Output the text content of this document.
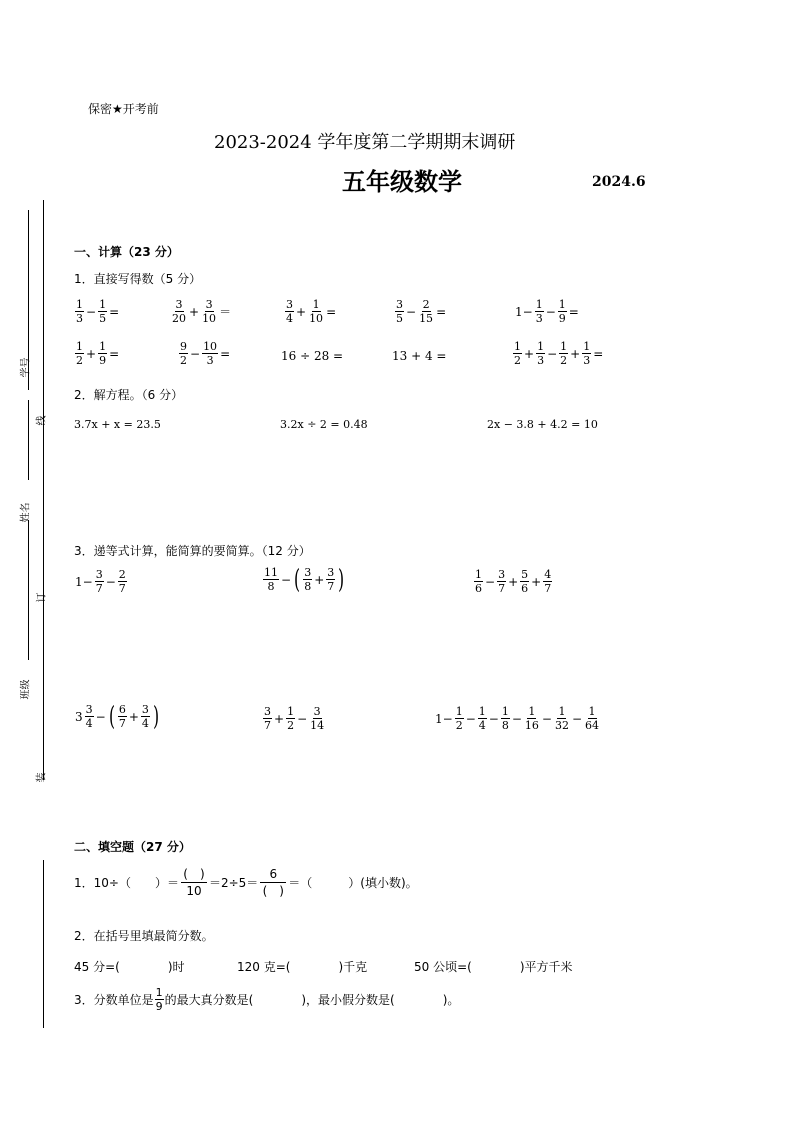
学号
线
姓名
订
班级
装
保密★开考前
2023-2024 学年度第二学期期末调研
五年级数学	2024.6
一、计算（23 分）
1．直接写得数（5 分）
$\frac{1}{3} - \frac{1}{5}$ =	$\frac{3}{20} + \frac{3}{10}$ ＝	$\frac{3}{4} + \frac{1}{10}$ =	$\frac{3}{5} - \frac{2}{15}$ =	$1- \frac{1}{3} - \frac{1}{9}$ =
$\frac{1}{2} + \frac{1}{9}$ =	$\frac{9}{2} - \frac{10}{3}$ =	16 ÷ 28 =	13 + 4 =	$\frac{1}{2} + \frac{1}{3} - \frac{1}{2} + \frac{1}{3}$ =
2．解方程。（6 分）
3.7x + x = 23.5	3.2x ÷ 2 = 0.48	2x − 3.8 + 4.2 = 10
3．递等式计算，能简算的要简算。（12 分）
$1- \frac{3}{7} - \frac{2}{7}$	$\frac{11}{8}$ − ( $\frac{3}{8} + \frac{3}{7}$ )	$\frac{1}{6} - \frac{3}{7} + \frac{5}{6} + \frac{4}{7}$
$3 \frac{3}{4}$ − ( $\frac{6}{7} + \frac{3}{4}$ )	$\frac{3}{7} + \frac{1}{2} - \frac{3}{14}$	$1- \frac{1}{2} - \frac{1}{4} - \frac{1}{8} - \frac{1}{16} - \frac{1}{32} - \frac{1}{64}$
二、填空题（27 分）
1．10÷（　　）＝ $\frac{( )}{10} =2\div 5= \frac{6}{( )}$ ＝（　　　）(填小数)。
2．在括号里填最简分数。
45 分=(　　　　)时	120 克=(　　　　)千克	50 公顷=(　　　　)平方千米
3．分数单位是 $\frac{1}{9}$ 的最大真分数是(　　　　)，最小假分数是(　　　　)。
